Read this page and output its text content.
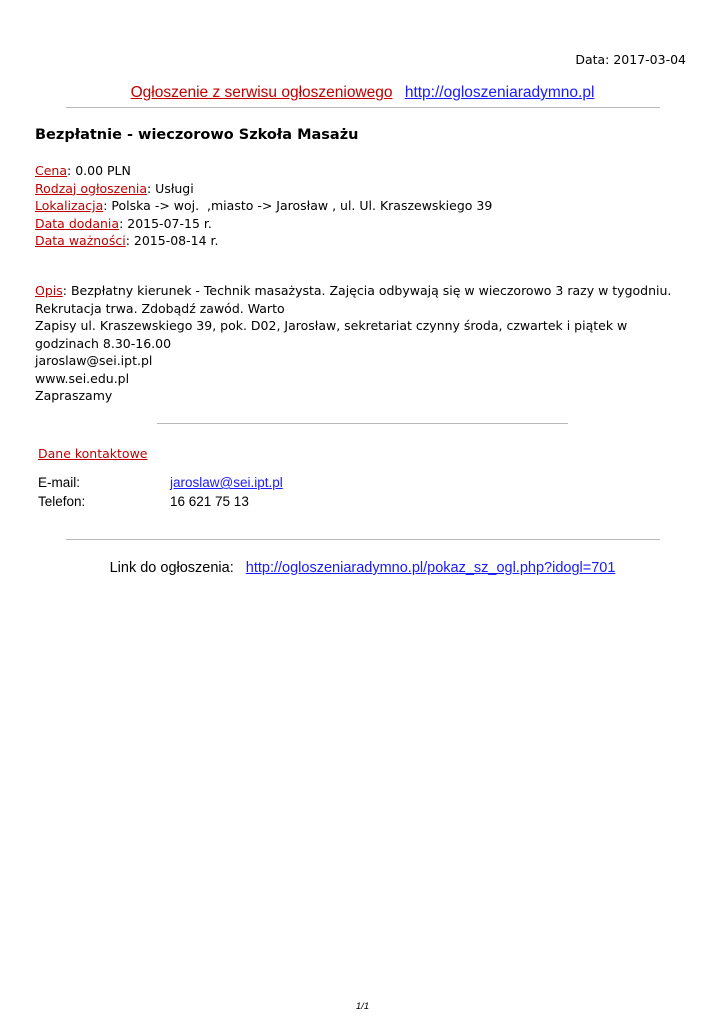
Data: 2017-03-04
Ogłoszenie z serwisu ogłoszeniowego http://ogloszeniaradymno.pl
Bezpłatnie - wieczorowo Szkoła Masażu
Cena: 0.00 PLN
Rodzaj ogłoszenia: Usługi
Lokalizacja: Polska -> woj.  ,miasto -> Jarosław , ul. Ul. Kraszewskiego 39
Data dodania: 2015-07-15 r.
Data ważności: 2015-08-14 r.
Opis: Bezpłatny kierunek - Technik masażysta. Zajęcia odbywają się w wieczorowo 3 razy w tygodniu.
Rekrutacja trwa. Zdobądź zawód. Warto
Zapisy ul. Kraszewskiego 39, pok. D02, Jarosław, sekretariat czynny środa, czwartek i piątek w
godzinach 8.30-16.00
jaroslaw@sei.ipt.pl
www.sei.edu.pl
Zapraszamy
Dane kontaktowe
E-mail:	jaroslaw@sei.ipt.pl
Telefon:	16 621 75 13
Link do ogłoszenia: http://ogloszeniaradymno.pl/pokaz_sz_ogl.php?idogl=701
1/1
